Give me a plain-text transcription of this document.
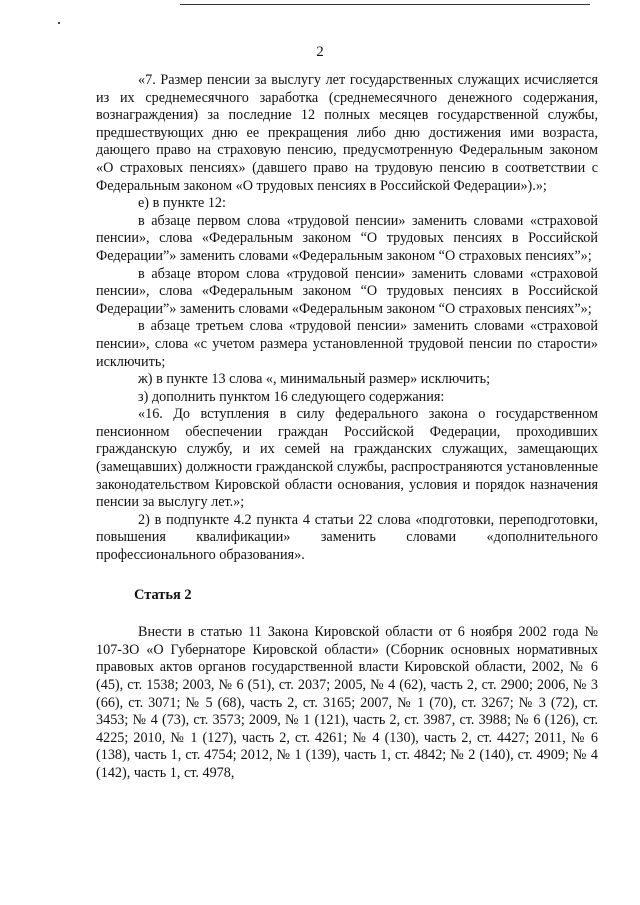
2

«7. Размер пенсии за выслугу лет государственных служащих исчисляется из их среднемесячного заработка (среднемесячного денежного содержания, вознаграждения) за последние 12 полных месяцев государственной службы, предшествующих дню ее прекращения либо дню достижения ими возраста, дающего право на страховую пенсию, предусмотренную Федеральным законом «О страховых пенсиях» (давшего право на трудовую пенсию в соответствии с Федеральным законом «О трудовых пенсиях в Российской Федерации»).»;

е) в пункте 12:

в абзаце первом слова «трудовой пенсии» заменить словами «страховой пенсии», слова «Федеральным законом “О трудовых пенсиях в Российской Федерации”» заменить словами «Федеральным законом “О страховых пенсиях”»;

в абзаце втором слова «трудовой пенсии» заменить словами «страховой пенсии», слова «Федеральным законом “О трудовых пенсиях в Российской Федерации”» заменить словами «Федеральным законом “О страховых пенсиях”»;

в абзаце третьем слова «трудовой пенсии» заменить словами «страховой пенсии», слова «с учетом размера установленной трудовой пенсии по старости» исключить;

ж) в пункте 13 слова «, минимальный размер» исключить;

з) дополнить пунктом 16 следующего содержания:

«16. До вступления в силу федерального закона о государственном пенсионном обеспечении граждан Российской Федерации, проходивших гражданскую службу, и их семей на гражданских служащих, замещающих (замещавших) должности гражданской службы, распространяются установленные законодательством Кировской области основания, условия и порядок назначения пенсии за выслугу лет.»;

2) в подпункте 4.2 пункта 4 статьи 22 слова «подготовки, переподготовки, повышения квалификации» заменить словами «дополнительного профессионального образования».

Статья 2

Внести в статью 11 Закона Кировской области от 6 ноября 2002 года № 107-ЗО «О Губернаторе Кировской области» (Сборник основных нормативных правовых актов органов государственной власти Кировской области, 2002, № 6 (45), ст. 1538; 2003, № 6 (51), ст. 2037; 2005, № 4 (62), часть 2, ст. 2900; 2006, № 3 (66), ст. 3071; № 5 (68), часть 2, ст. 3165; 2007, № 1 (70), ст. 3267; № 3 (72), ст. 3453; № 4 (73), ст. 3573; 2009, № 1 (121), часть 2, ст. 3987, ст. 3988; № 6 (126), ст. 4225; 2010, № 1 (127), часть 2, ст. 4261; № 4 (130), часть 2, ст. 4427; 2011, № 6 (138), часть 1, ст. 4754; 2012, № 1 (139), часть 1, ст. 4842; № 2 (140), ст. 4909; № 4 (142), часть 1, ст. 4978,
